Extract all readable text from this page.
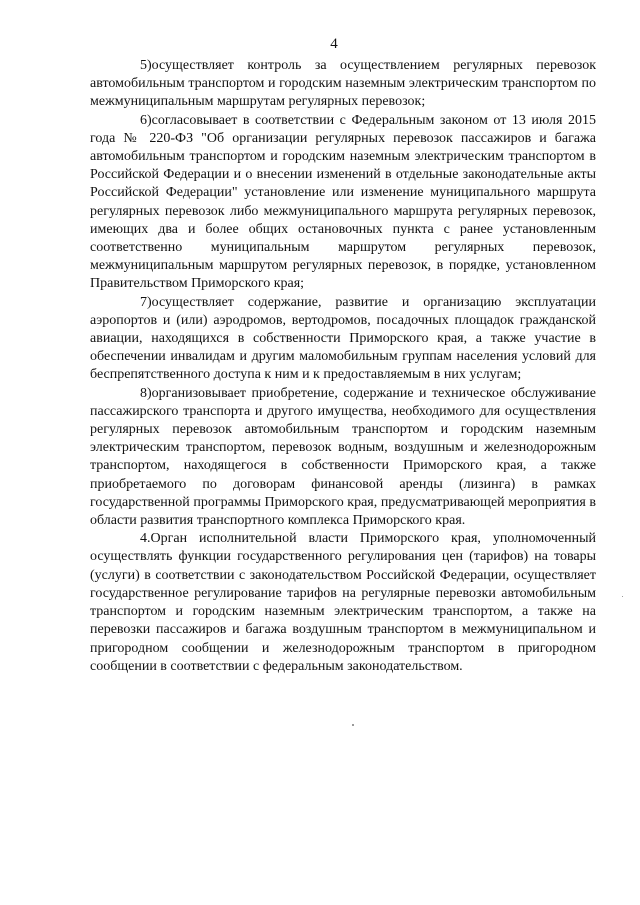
4

5)осуществляет контроль за осуществлением регулярных перевозок автомобильным транспортом и городским наземным электрическим транспортом по межмуниципальным маршрутам регулярных перевозок;

6)согласовывает в соответствии с Федеральным законом от 13 июля 2015 года № 220-ФЗ "Об организации регулярных перевозок пассажиров и багажа автомобильным транспортом и городским наземным электрическим транспортом в Российской Федерации и о внесении изменений в отдельные законодательные акты Российской Федерации" установление или изменение муниципального маршрута регулярных перевозок либо межмуниципального маршрута регулярных перевозок, имеющих два и более общих остановочных пункта с ранее установленным соответственно муниципальным маршрутом регулярных перевозок, межмуниципальным маршрутом регулярных перевозок, в порядке, установленном Правительством Приморского края;

7)осуществляет содержание, развитие и организацию эксплуатации аэропортов и (или) аэродромов, вертодромов, посадочных площадок гражданской авиации, находящихся в собственности Приморского края, а также участие в обеспечении инвалидам и другим маломобильным группам населения условий для беспрепятственного доступа к ним и к предоставляемым в них услугам;

8)организовывает приобретение, содержание и техническое обслуживание пассажирского транспорта и другого имущества, необходимого для осуществления регулярных перевозок автомобильным транспортом и городским наземным электрическим транспортом, перевозок водным, воздушным и железнодорожным транспортом, находящегося в собственности Приморского края, а также приобретаемого по договорам финансовой аренды (лизинга) в рамках государственной программы Приморского края, предусматривающей мероприятия в области развития транспортного комплекса Приморского края.

4.Орган исполнительной власти Приморского края, уполномоченный осуществлять функции государственного регулирования цен (тарифов) на товары (услуги) в соответствии с законодательством Российской Федерации, осуществляет государственное регулирование тарифов на регулярные перевозки автомобильным транспортом и городским наземным электрическим транспортом, а также на перевозки пассажиров и багажа воздушным транспортом в межмуниципальном и пригородном сообщении и железнодорожным транспортом в пригородном сообщении в соответствии с федеральным законодательством.
